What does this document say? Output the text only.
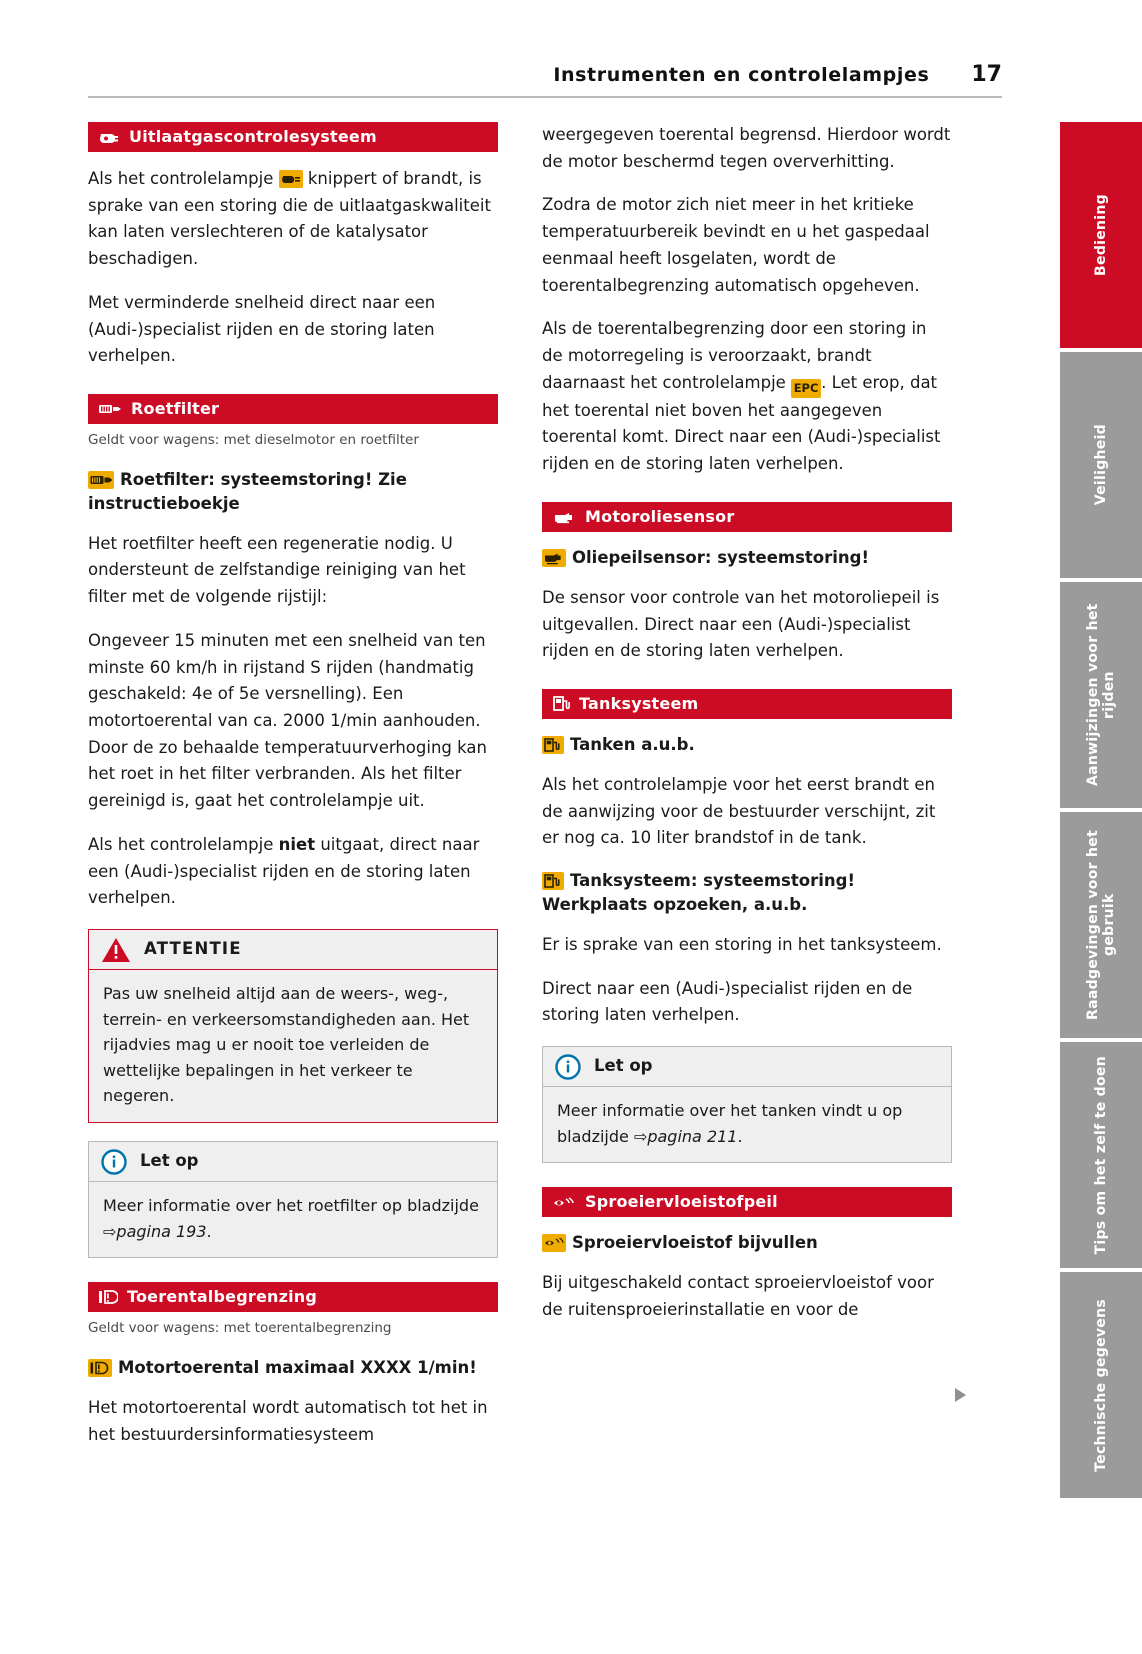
Instrumenten en controlelampjes 17
Uitlaatgascontrolesysteem

Als het controlelampje  knippert of brandt, is sprake van een storing die de uitlaatgaskwaliteit kan laten verslechteren of de katalysator beschadigen.

Met verminderde snelheid direct naar een (Audi-)specialist rijden en de storing laten verhelpen.

Roetfilter
Geldt voor wagens: met dieselmotor en roetfilter
Roetfilter: systeemstoring! Zie instructieboekje

Het roetfilter heeft een regeneratie nodig. U ondersteunt de zelfstandige reiniging van het filter met de volgende rijstijl:

Ongeveer 15 minuten met een snelheid van ten minste 60 km/h in rijstand S rijden (handmatig geschakeld: 4e of 5e versnelling). Een motortoerental van ca. 2000 1/min aanhouden. Door de zo behaalde temperatuurverhoging kan het roet in het filter verbranden. Als het filter gereinigd is, gaat het controlelampje uit.

Als het controlelampje niet uitgaat, direct naar een (Audi-)specialist rijden en de storing laten verhelpen.

ATTENTIE
Pas uw snelheid altijd aan de weers-, weg-, terrein- en verkeersomstandigheden aan. Het rijadvies mag u er nooit toe verleiden de wettelijke bepalingen in het verkeer te negeren.
Let op
Meer informatie over het roetfilter op bladzijde ⇨pagina 193.
Toerentalbegrenzing
Geldt voor wagens: met toerentalbegrenzing
Motortoerental maximaal XXXX 1/min!

Het motortoerental wordt automatisch tot het in het bestuurdersinformatiesysteem

weergegeven toerental begrensd. Hierdoor wordt de motor beschermd tegen oververhitting.

Zodra de motor zich niet meer in het kritieke temperatuurbereik bevindt en u het gaspedaal eenmaal heeft losgelaten, wordt de toerentalbegrenzing automatisch opgeheven.

Als de toerentalbegrenzing door een storing in de motorregeling is veroorzaakt, brandt daarnaast het controlelampje EPC . Let erop, dat het toerental niet boven het aangegeven toerental komt. Direct naar een (Audi-)specialist rijden en de storing laten verhelpen.

Motoroliesensor
Oliepeilsensor: systeemstoring!

De sensor voor controle van het motoroliepeil is uitgevallen. Direct naar een (Audi-)specialist rijden en de storing laten verhelpen.

Tanksysteem
Tanken a.u.b.

Als het controlelampje voor het eerst brandt en de aanwijzing voor de bestuurder verschijnt, zit er nog ca. 10 liter brandstof in de tank.

Tanksysteem: systeemstoring! Werkplaats opzoeken, a.u.b.

Er is sprake van een storing in het tanksysteem.

Direct naar een (Audi-)specialist rijden en de storing laten verhelpen.

Let op
Meer informatie over het tanken vindt u op bladzijde ⇨pagina 211.
Sproeiervloeistofpeil
Sproeiervloeistof bijvullen

Bij uitgeschakeld contact sproeiervloeistof voor de ruitensproeierinstallatie en voor de

Bediening
Veiligheid
Aanwijzingen voor het rijden
Raadgevingen voor het gebruik
Tips om het zelf te doen
Technische gegevens
